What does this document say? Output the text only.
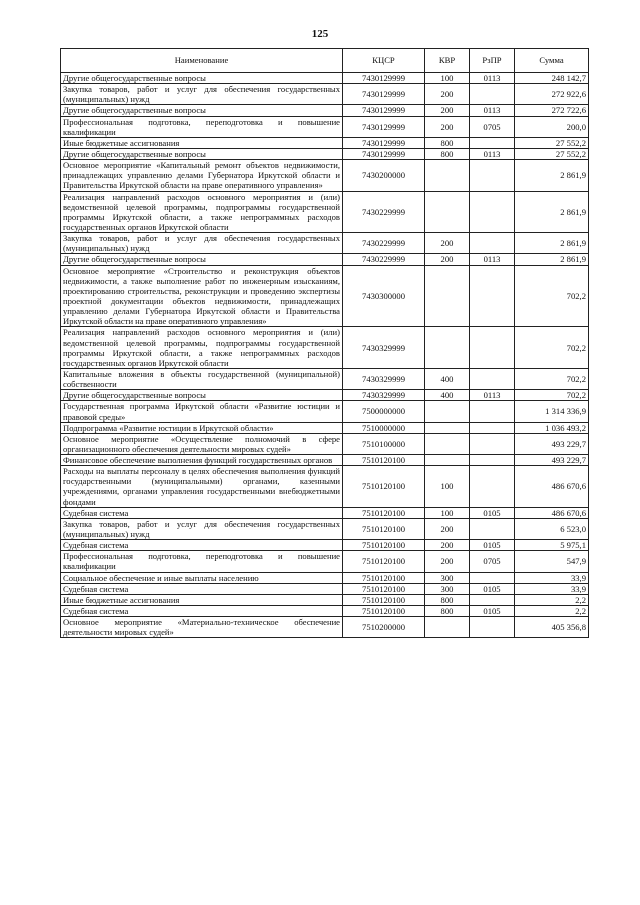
125
Наименование	КЦСР	КВР	РзПР	Сумма
Другие общегосударственные вопросы	7430129999	100	0113	248 142,7
Закупка товаров, работ и услуг для обеспечения государственных (муниципальных) нужд	7430129999	200		272 922,6
Другие общегосударственные вопросы	7430129999	200	0113	272 722,6
Профессиональная подготовка, переподготовка и повышение квалификации	7430129999	200	0705	200,0
Иные бюджетные ассигнования	7430129999	800		27 552,2
Другие общегосударственные вопросы	7430129999	800	0113	27 552,2
Основное мероприятие «Капитальный ремонт объектов недвижимости, принадлежащих управлению делами Губернатора Иркутской области и Правительства Иркутской области на праве оперативного управления»	7430200000			2 861,9
Реализация направлений расходов основного мероприятия и (или) ведомственной целевой программы, подпрограммы государственной программы Иркутской области, а также непрограммных расходов государственных органов Иркутской области	7430229999			2 861,9
Закупка товаров, работ и услуг для обеспечения государственных (муниципальных) нужд	7430229999	200		2 861,9
Другие общегосударственные вопросы	7430229999	200	0113	2 861,9
Основное мероприятие «Строительство и реконструкция объектов недвижимости, а также выполнение работ по инженерным изысканиям, проектированию строительства, реконструкции и проведению экспертизы проектной документации объектов недвижимости, принадлежащих управлению делами Губернатора Иркутской области и Правительства Иркутской области на праве оперативного управления»	7430300000			702,2
Реализация направлений расходов основного мероприятия и (или) ведомственной целевой программы, подпрограммы государственной программы Иркутской области, а также непрограммных расходов государственных органов Иркутской области	7430329999			702,2
Капитальные вложения в объекты государственной (муниципальной) собственности	7430329999	400		702,2
Другие общегосударственные вопросы	7430329999	400	0113	702,2
Государственная программа Иркутской области «Развитие юстиции и правовой среды»	7500000000			1 314 336,9
Подпрограмма «Развитие юстиции в Иркутской области»	7510000000			1 036 493,2
Основное мероприятие «Осуществление полномочий в сфере организационного обеспечения деятельности мировых судей»	7510100000			493 229,7
Финансовое обеспечение выполнения функций государственных органов	7510120100			493 229,7
Расходы на выплаты персоналу в целях обеспечения выполнения функций государственными (муниципальными) органами, казенными учреждениями, органами управления государственными внебюджетными фондами	7510120100	100		486 670,6
Судебная система	7510120100	100	0105	486 670,6
Закупка товаров, работ и услуг для обеспечения государственных (муниципальных) нужд	7510120100	200		6 523,0
Судебная система	7510120100	200	0105	5 975,1
Профессиональная подготовка, переподготовка и повышение квалификации	7510120100	200	0705	547,9
Социальное обеспечение и иные выплаты населению	7510120100	300		33,9
Судебная система	7510120100	300	0105	33,9
Иные бюджетные ассигнования	7510120100	800		2,2
Судебная система	7510120100	800	0105	2,2
Основное мероприятие «Материально-техническое обеспечение деятельности мировых судей»	7510200000			405 356,8
